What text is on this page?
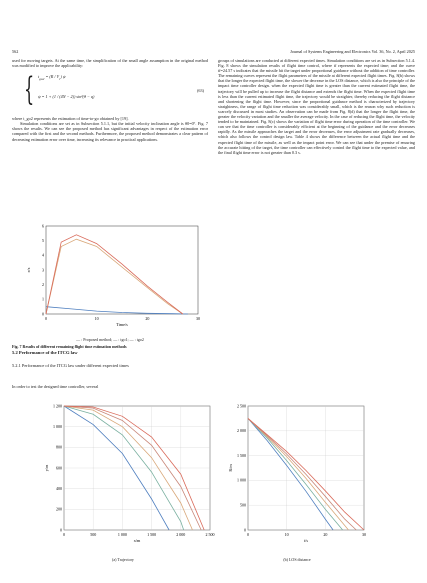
562	Journal of Systems Engineering and Electronics Vol. 36, No. 2, April 2025

used for moving targets. At the same time, the simplification of the small angle assumption in the original method was modified to improve the applicability:

{ $t_{go2} = (R / V_r)$ ψ
ψ = 1 + (1 / (4N − 2)) sin²(θ − q)
(63)

where t_go2 represents the estimation of time-to-go obtained by [19].

Simulation conditions are set as in Subsection 5.1.1, but the initial velocity inclination angle is θ0=0°. Fig. 7 shows the results. We can see the proposed method has significant advantages in respect of the estimation error compared with the first and the second methods. Furthermore, the proposed method demonstrates a clear pattern of decreasing estimation error over time, increasing its relevance in practical applications.

0	10	20	30
0
1
2
3
4
5
6
Time/s
e/s
— : Proposed method; — : tgo1; — : tgo2
Fig. 7 Results of different remaining flight time estimation methods
5.2 Performance of the ITCG law
5.2.1 Performance of the ITCG law under different expected times
In order to test the designed time controller, several

groups of simulations are conducted at different expected times. Simulation conditions are set as in Subsection 5.1.4. Fig. 8 shows the simulation results of flight time control, where tf represents the expected time; and the curve tf=24.57 s indicates that the missile hit the target under proportional guidance without the addition of time controller. The remaining curves represent the flight parameters of the missile at different expected flight times. Fig. 8(b) shows that the longer the expected flight time, the slower the decrease in the LOS distance, which is also the principle of the impact time controller design. when the expected flight time is greater than the current estimated flight time, the trajectory will be pulled up to increase the flight distance and extends the flight time. When the expected flight time is less than the current estimated flight time, the trajectory would be straighter, thereby reducing the flight distance and shortening the flight time. However, since the proportional guidance method is characterized by trajectory straightness, the range of flight time reduction was considerably small, which is the reason why such reduction is scarcely discussed in most studies. An observation can be made from Fig. 8(d) that the longer the flight time, the greater the velocity variation and the smaller the average velocity. In the case of reducing the flight time, the velocity tended to be maintained. Fig. 8(c) shows the variation of flight time error during operation of the time controller. We can see that the time controller is considerably efficient at the beginning of the guidance and the error decreases rapidly. As the missile approaches the target and the error decreases, the error adjustment rate gradually decreases, which also follows the control design law. Table 4 shows the difference between the actual flight time and the expected flight time of the missile, as well as the impact point error. We can see that under the premise of ensuring the accurate hitting of the target, the time controller can effectively control the flight time to the expected value, and the final flight time error is not greater than 0.3 s.

0	500	1 000	1 500	2 000	2 500
0
200
400
600
800
1 000
1 200
x/m
y/m
(a) Trajectory
0	10	20	30
0
500
1 000
1 500
2 000
2 500
t/s
R/m
(b) LOS distance
